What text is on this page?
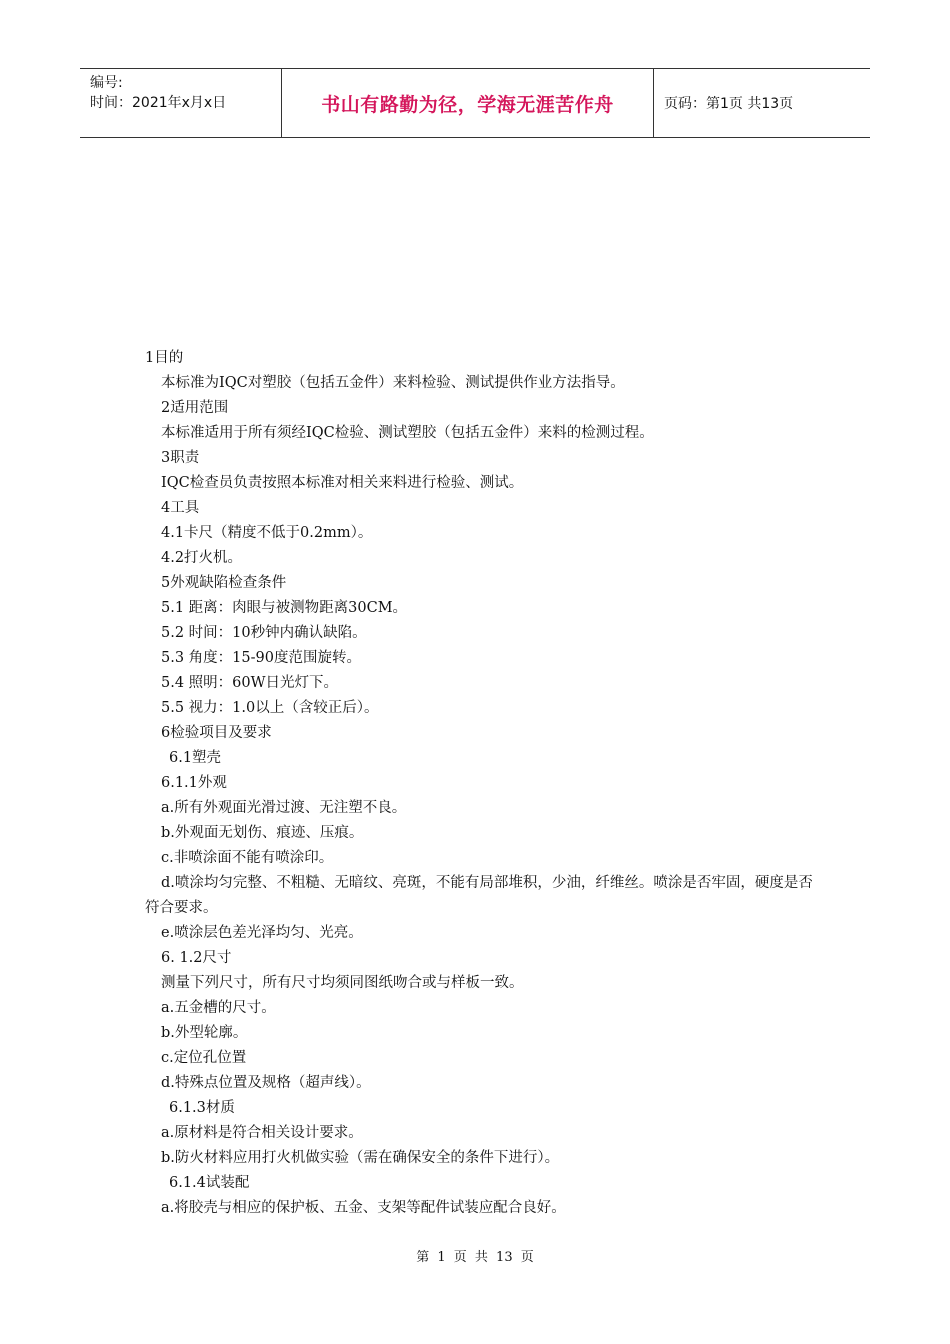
编号:
时间：2021年x月x日	书山有路勤为径，学海无涯苦作舟	页码：第1页 共13页
1目的
本标准为IQC对塑胶（包括五金件）来料检验、测试提供作业方法指导。
2适用范围
本标准适用于所有须经IQC检验、测试塑胶（包括五金件）来料的检测过程。
3职责
IQC检查员负责按照本标准对相关来料进行检验、测试。
4工具
4.1卡尺（精度不低于0.2mm）。
4.2打火机。
5外观缺陷检查条件
5.1 距离：肉眼与被测物距离30CM。
5.2 时间：10秒钟内确认缺陷。
5.3 角度：15-90度范围旋转。
5.4 照明：60W日光灯下。
5.5 视力：1.0以上（含较正后）。
6检验项目及要求
6.1塑壳
6.1.1外观
a.所有外观面光滑过渡、无注塑不良。
b.外观面无划伤、痕迹、压痕。
c.非喷涂面不能有喷涂印。
d.喷涂均匀完整、不粗糙、无暗纹、亮斑，不能有局部堆积，少油，纤维丝。喷涂是否牢固，硬度是否符合要求。
e.喷涂层色差光泽均匀、光亮。
6. 1.2尺寸
测量下列尺寸，所有尺寸均须同图纸吻合或与样板一致。
a.五金槽的尺寸。
b.外型轮廓。
c.定位孔位置
d.特殊点位置及规格（超声线）。
6.1.3材质
a.原材料是符合相关设计要求。
b.防火材料应用打火机做实验（需在确保安全的条件下进行）。
6.1.4试装配
a.将胶壳与相应的保护板、五金、支架等配件试装应配合良好。
第 1 页 共 13 页
